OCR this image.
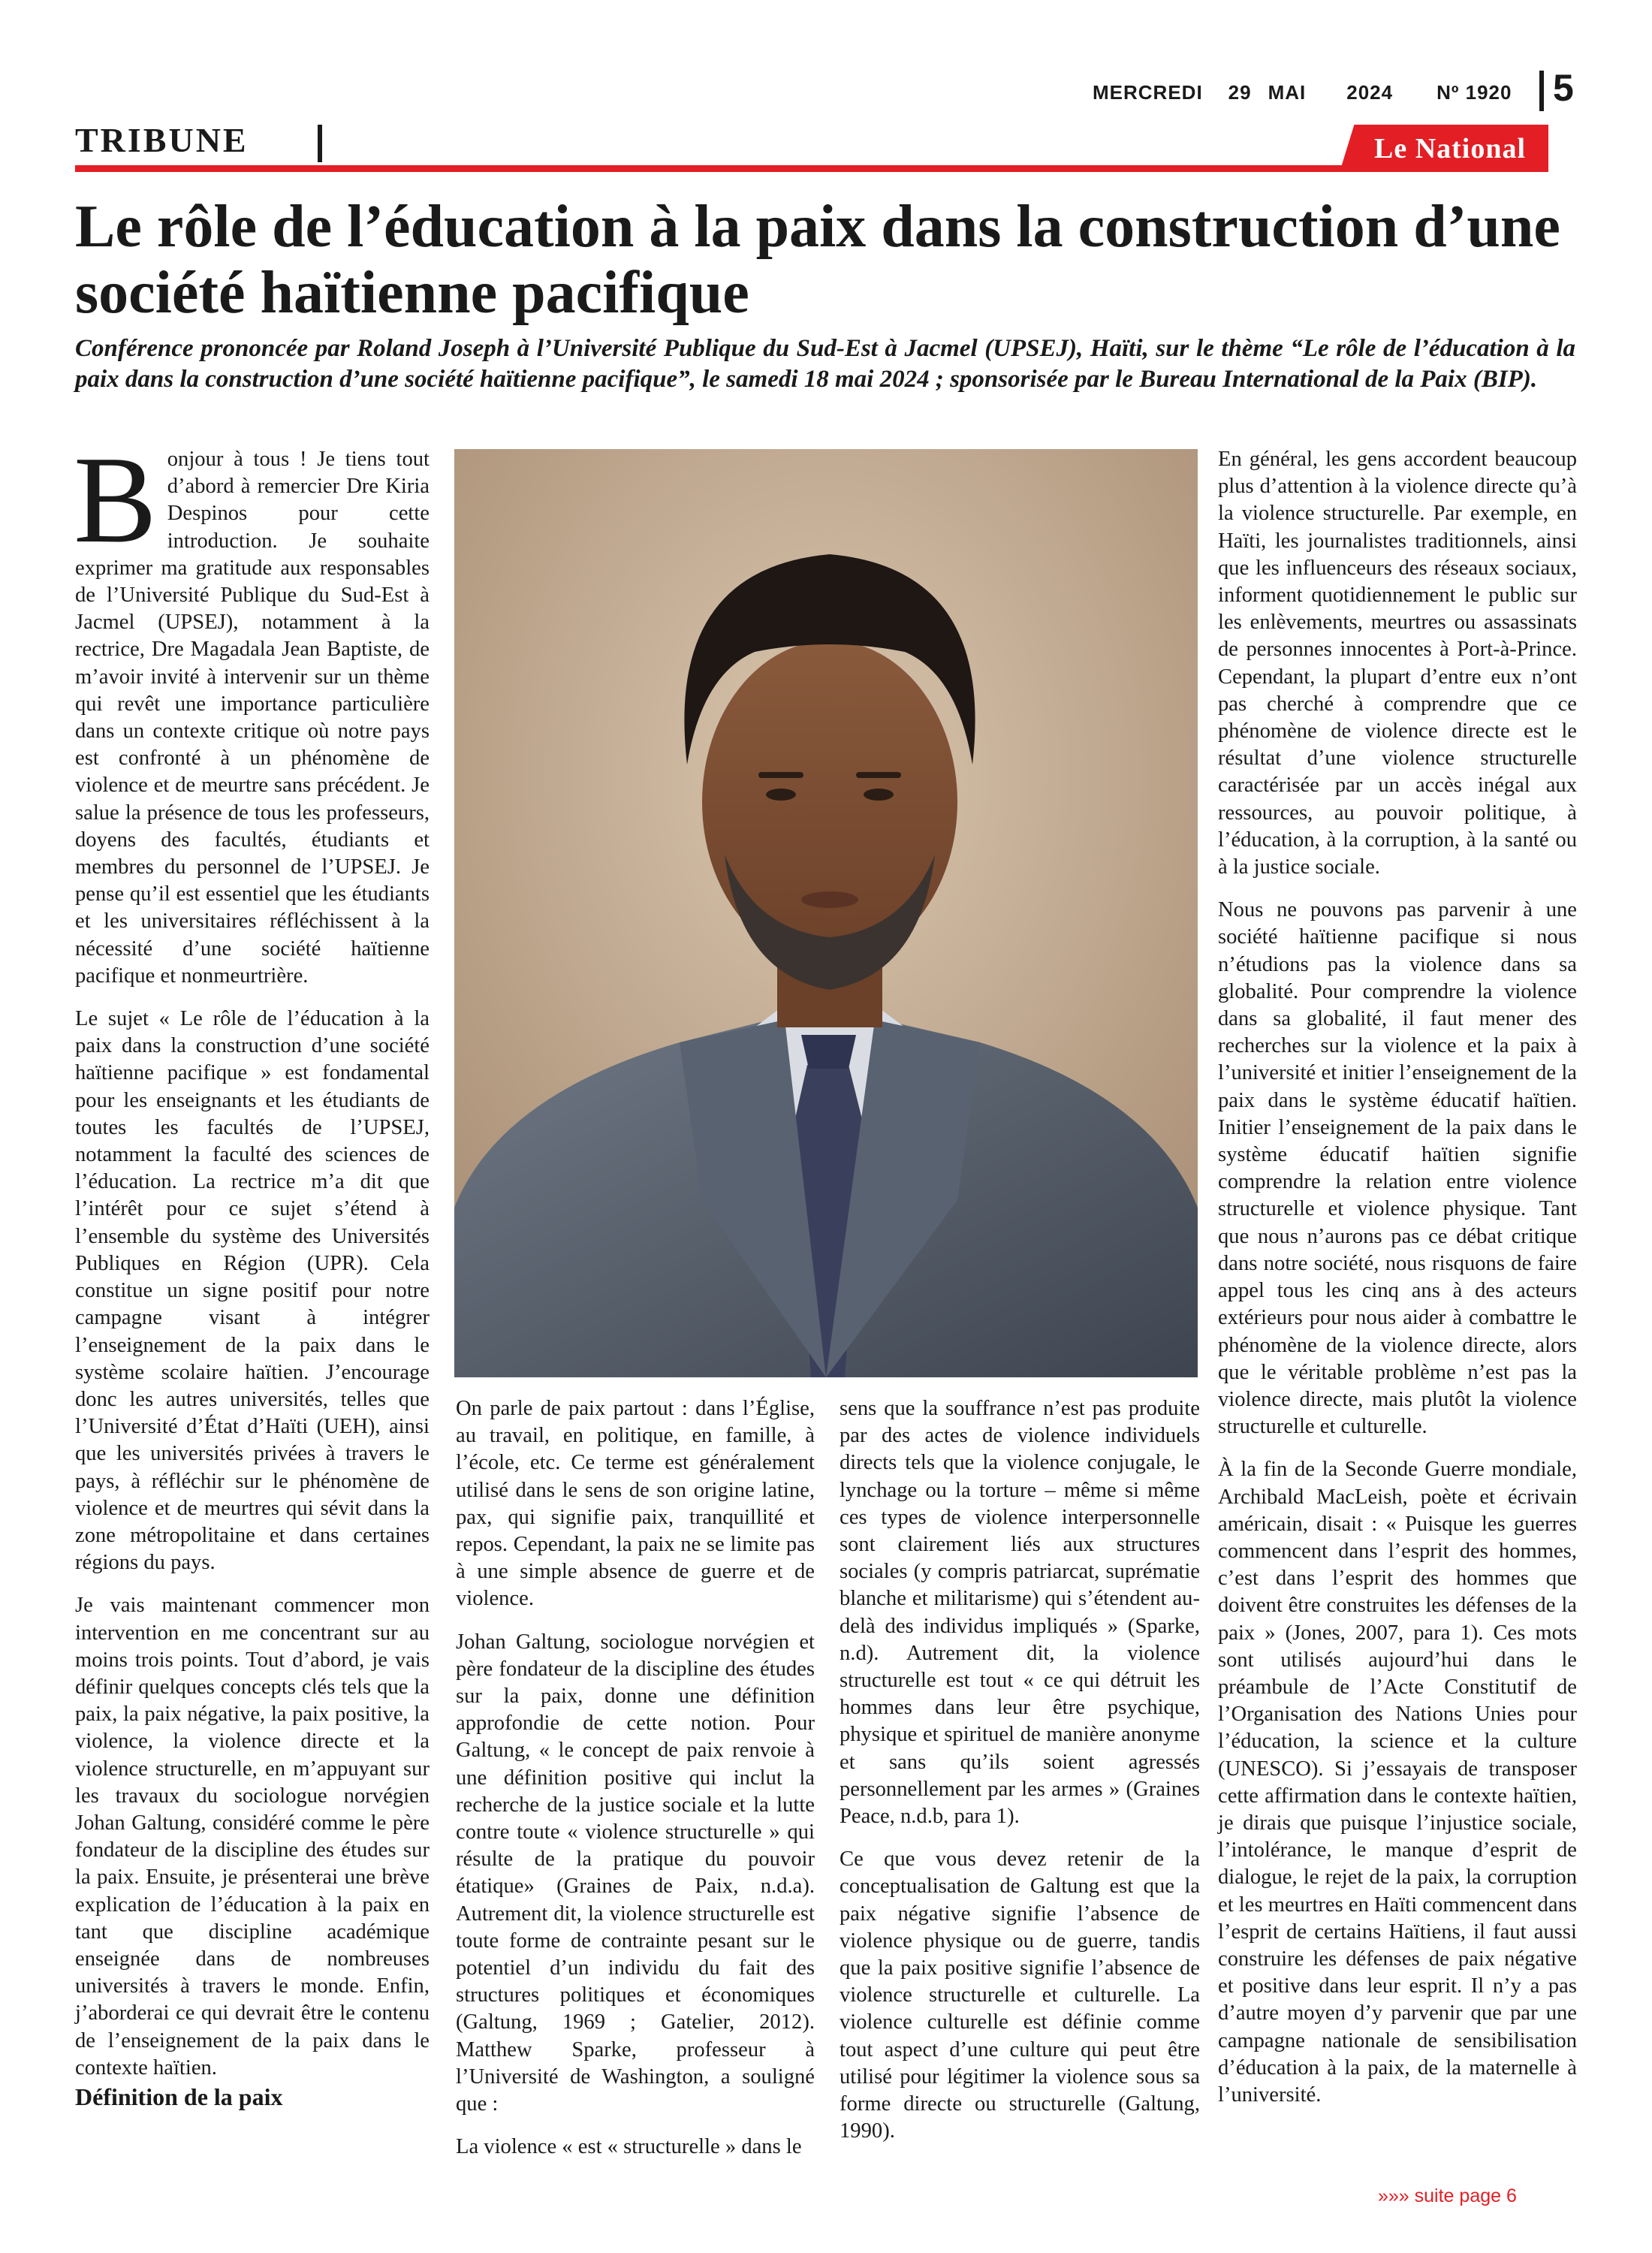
MERCREDI 29 MAI 2024 Nº 1920 5
TRIBUNE	Le National
Le rôle de l’éducation à la paix dans la construction d’une société haïtienne pacifique

Conférence prononcée par Roland Joseph à l’Université Publique du Sud-Est à Jacmel (UPSEJ), Haïti, sur le thème “Le rôle de l’éducation à la paix dans la construction d’une société haïtienne pacifique”, le samedi 18 mai 2024 ; sponsorisée par le Bureau International de la Paix (BIP).

Bonjour à tous ! Je tiens tout d’abord à remercier Dre Kiria Despinos pour cette introduction. Je souhaite exprimer ma gratitude aux responsables de l’Université Publique du Sud-Est à Jacmel (UPSEJ), notamment à la rectrice, Dre Magadala Jean Baptiste, de m’avoir invité à intervenir sur un thème qui revêt une importance particulière dans un contexte critique où notre pays est confronté à un phénomène de violence et de meurtre sans précédent. Je salue la présence de tous les professeurs, doyens des facultés, étudiants et membres du personnel de l’UPSEJ. Je pense qu’il est essentiel que les étudiants et les universitaires réfléchissent à la nécessité d’une société haïtienne pacifique et nonmeurtrière.

Le sujet « Le rôle de l’éducation à la paix dans la construction d’une société haïtienne pacifique » est fondamental pour les enseignants et les étudiants de toutes les facultés de l’UPSEJ, notamment la faculté des sciences de l’éducation. La rectrice m’a dit que l’intérêt pour ce sujet s’étend à l’ensemble du système des Universités Publiques en Région (UPR). Cela constitue un signe positif pour notre campagne visant à intégrer l’enseignement de la paix dans le système scolaire haïtien. J’encourage donc les autres universités, telles que l’Université d’État d’Haïti (UEH), ainsi que les universités privées à travers le pays, à réfléchir sur le phénomène de violence et de meurtres qui sévit dans la zone métropolitaine et dans certaines régions du pays.

Je vais maintenant commencer mon intervention en me concentrant sur au moins trois points. Tout d’abord, je vais définir quelques concepts clés tels que la paix, la paix négative, la paix positive, la violence, la violence directe et la violence structurelle, en m’appuyant sur les travaux du sociologue norvégien Johan Galtung, considéré comme le père fondateur de la discipline des études sur la paix. Ensuite, je présenterai une brève explication de l’éducation à la paix en tant que discipline académique enseignée dans de nombreuses universités à travers le monde. Enfin, j’aborderai ce qui devrait être le contenu de l’enseignement de la paix dans le contexte haïtien.

Définition de la paix

On parle de paix partout : dans l’Église, au travail, en politique, en famille, à l’école, etc. Ce terme est généralement utilisé dans le sens de son origine latine, pax, qui signifie paix, tranquillité et repos. Cependant, la paix ne se limite pas à une simple absence de guerre et de violence.

Johan Galtung, sociologue norvégien et père fondateur de la discipline des études sur la paix, donne une définition approfondie de cette notion. Pour Galtung, « le concept de paix renvoie à une définition positive qui inclut la recherche de la justice sociale et la lutte contre toute « violence structurelle » qui résulte de la pratique du pouvoir étatique» (Graines de Paix, n.d.a). Autrement dit, la violence structurelle est toute forme de contrainte pesant sur le potentiel d’un individu du fait des structures politiques et économiques (Galtung, 1969 ; Gatelier, 2012). Matthew Sparke, professeur à l’Université de Washington, a souligné que :

La violence « est « structurelle » dans le

sens que la souffrance n’est pas produite par des actes de violence individuels directs tels que la violence conjugale, le lynchage ou la torture – même si même ces types de violence interpersonnelle sont clairement liés aux structures sociales (y compris patriarcat, suprématie blanche et militarisme) qui s’étendent au-delà des individus impliqués » (Sparke, n.d). Autrement dit, la violence structurelle est tout « ce qui détruit les hommes dans leur être psychique, physique et spirituel de manière anonyme et sans qu’ils soient agressés personnellement par les armes » (Graines Peace, n.d.b, para 1).

Ce que vous devez retenir de la conceptualisation de Galtung est que la paix négative signifie l’absence de violence physique ou de guerre, tandis que la paix positive signifie l’absence de violence structurelle et culturelle. La violence culturelle est définie comme tout aspect d’une culture qui peut être utilisé pour légitimer la violence sous sa forme directe ou structurelle (Galtung, 1990).

En général, les gens accordent beaucoup plus d’attention à la violence directe qu’à la violence structurelle. Par exemple, en Haïti, les journalistes traditionnels, ainsi que les influenceurs des réseaux sociaux, informent quotidiennement le public sur les enlèvements, meurtres ou assassinats de personnes innocentes à Port-à-Prince. Cependant, la plupart d’entre eux n’ont pas cherché à comprendre que ce phénomène de violence directe est le résultat d’une violence structurelle caractérisée par un accès inégal aux ressources, au pouvoir politique, à l’éducation, à la corruption, à la santé ou à la justice sociale.

Nous ne pouvons pas parvenir à une société haïtienne pacifique si nous n’étudions pas la violence dans sa globalité. Pour comprendre la violence dans sa globalité, il faut mener des recherches sur la violence et la paix à l’université et initier l’enseignement de la paix dans le système éducatif haïtien. Initier l’enseignement de la paix dans le système éducatif haïtien signifie comprendre la relation entre violence structurelle et violence physique. Tant que nous n’aurons pas ce débat critique dans notre société, nous risquons de faire appel tous les cinq ans à des acteurs extérieurs pour nous aider à combattre le phénomène de la violence directe, alors que le véritable problème n’est pas la violence directe, mais plutôt la violence structurelle et culturelle.

À la fin de la Seconde Guerre mondiale, Archibald MacLeish, poète et écrivain américain, disait : « Puisque les guerres commencent dans l’esprit des hommes, c’est dans l’esprit des hommes que doivent être construites les défenses de la paix » (Jones, 2007, para 1). Ces mots sont utilisés aujourd’hui dans le préambule de l’Acte Constitutif de l’Organisation des Nations Unies pour l’éducation, la science et la culture (UNESCO). Si j’essayais de transposer cette affirmation dans le contexte haïtien, je dirais que puisque l’injustice sociale, l’intolérance, le manque d’esprit de dialogue, le rejet de la paix, la corruption et les meurtres en Haïti commencent dans l’esprit de certains Haïtiens, il faut aussi construire les défenses de paix négative et positive dans leur esprit. Il n’y a pas d’autre moyen d’y parvenir que par une campagne nationale de sensibilisation d’éducation à la paix, de la maternelle à l’université.

»»» suite page 6
